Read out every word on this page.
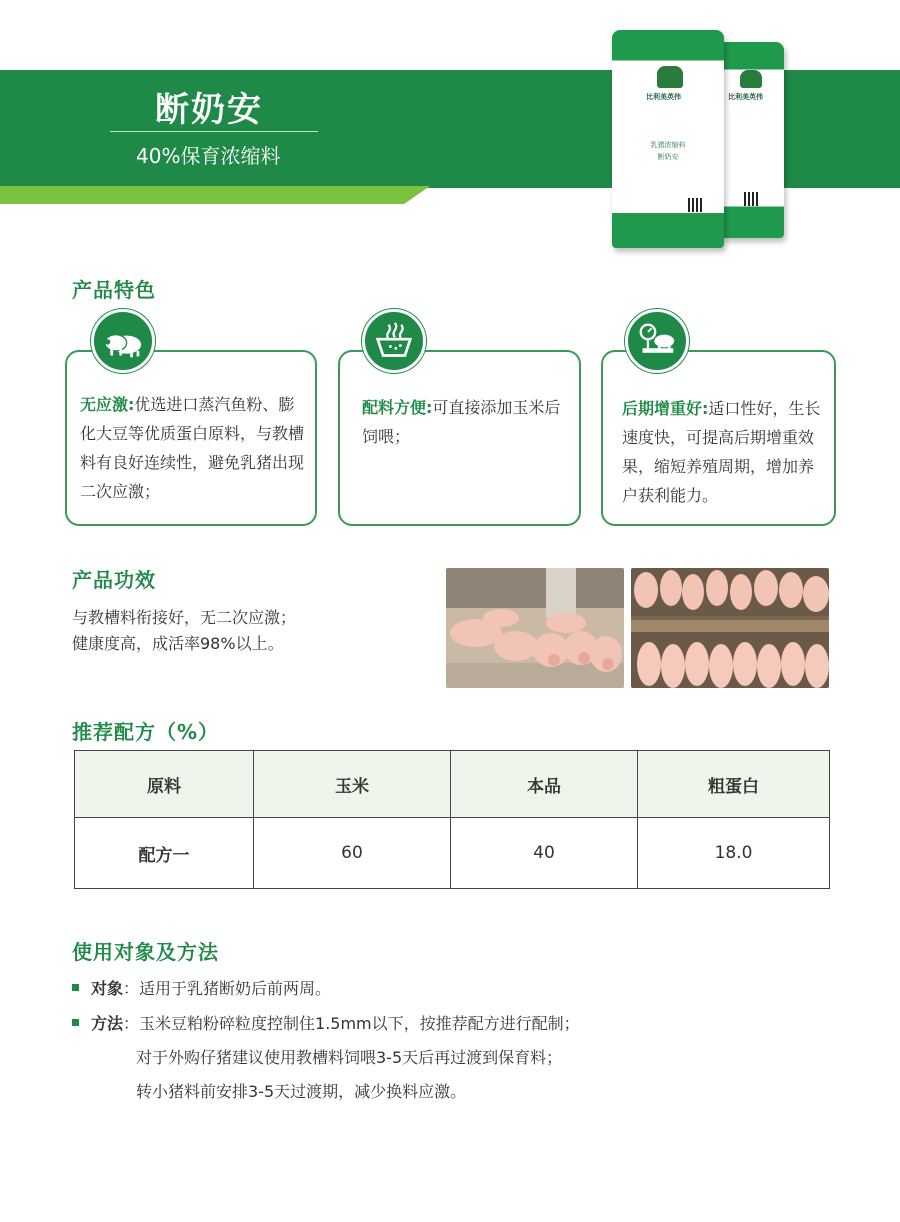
断奶安
40%保育浓缩料
比利美英伟
比利美英伟
乳猪浓缩料
断奶安
产品特色
无应激:优选进口蒸汽鱼粉、膨化大豆等优质蛋白原料，与教槽料有良好连续性，避免乳猪出现二次应激；
配料方便:可直接添加玉米后饲喂；
后期增重好:适口性好，生长速度快，可提高后期增重效果，缩短养殖周期，增加养户获利能力。
产品功效
与教槽料衔接好，无二次应激；
健康度高，成活率98%以上。
推荐配方（%）
原料	玉米	本品	粗蛋白
配方一	60	40	18.0
使用对象及方法
对象：适用于乳猪断奶后前两周。
方法：玉米豆粕粉碎粒度控制住1.5mm以下，按推荐配方进行配制；
对于外购仔猪建议使用教槽料饲喂3-5天后再过渡到保育料；
转小猪料前安排3-5天过渡期，减少换料应激。
